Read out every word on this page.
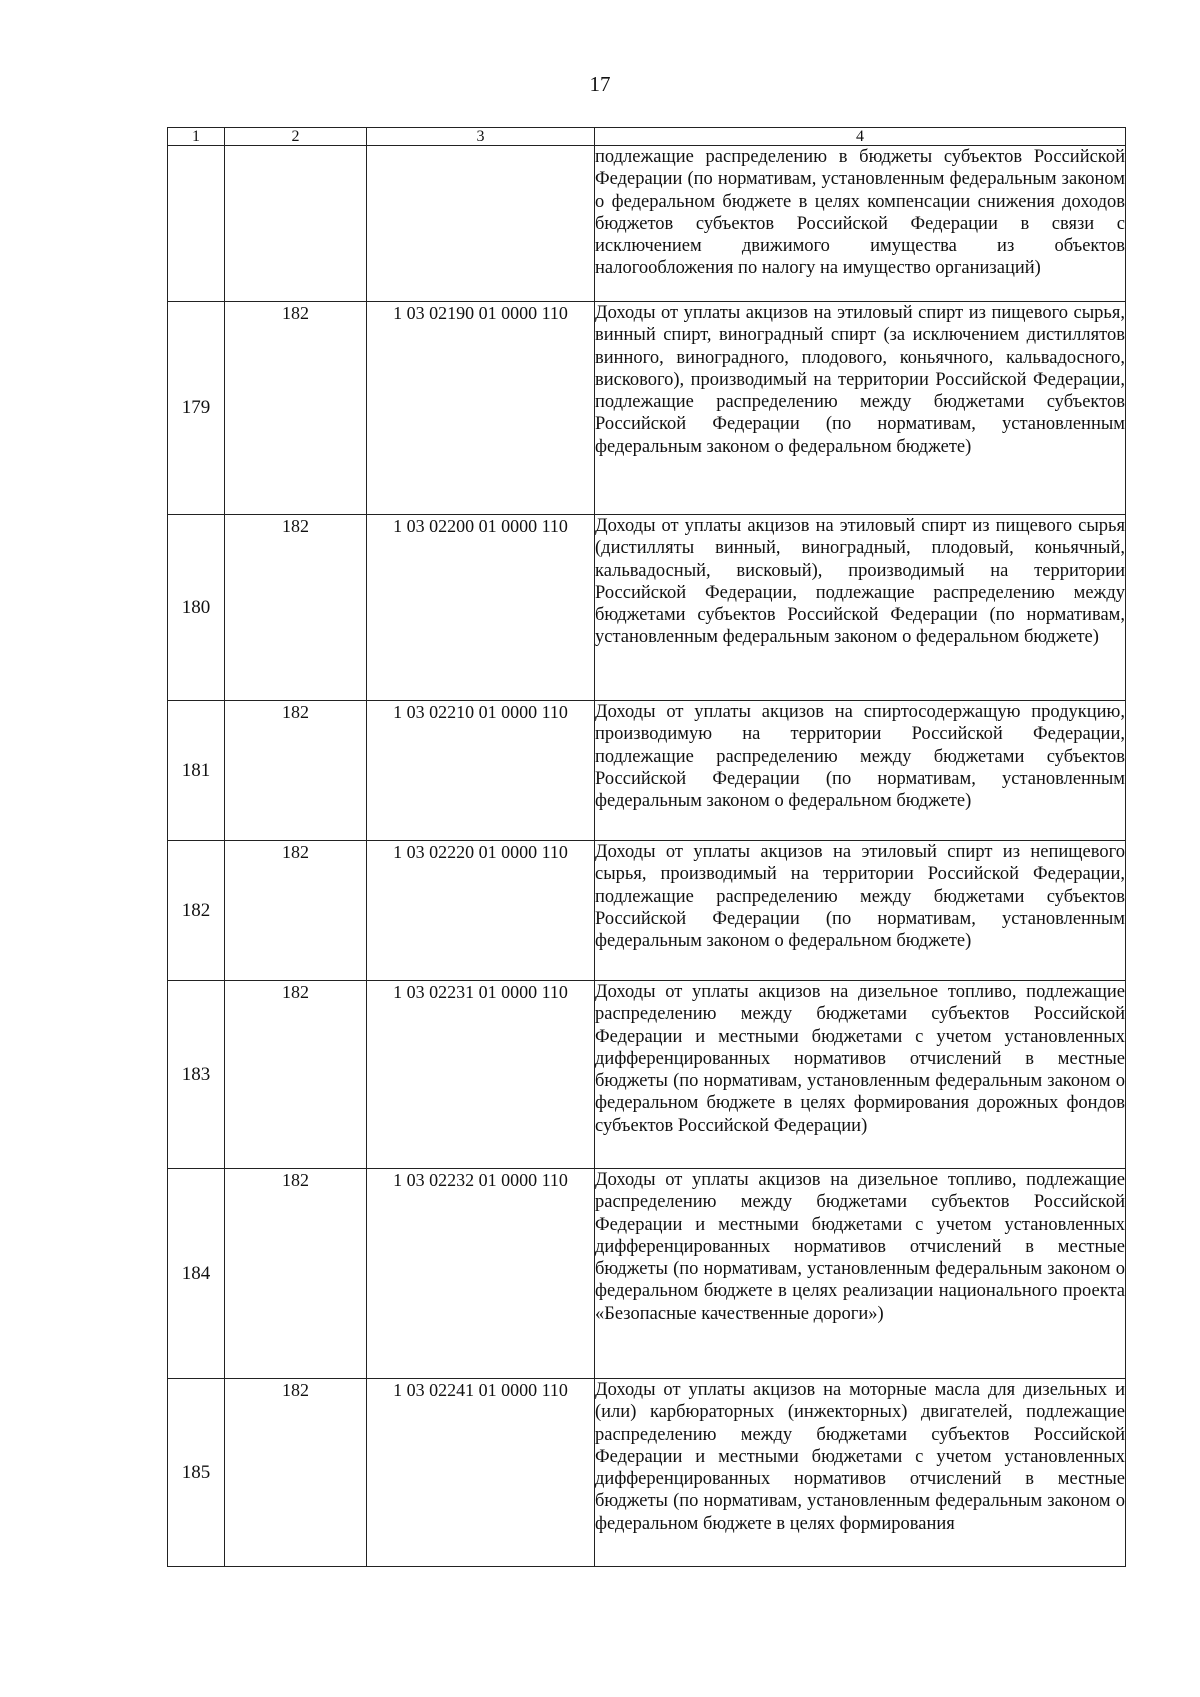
17
1	2	3	4
			подлежащие распределению в бюджеты субъектов Российской Федерации (по нормативам, установленным федеральным законом о федеральном бюджете в целях компенсации снижения доходов бюджетов субъектов Российской Федерации в связи с исключением движимого имущества из объектов налогообложения по налогу на имущество организаций)
179	182	1 03 02190 01 0000 110	Доходы от уплаты акцизов на этиловый спирт из пищевого сырья, винный спирт, виноградный спирт (за исключением дистиллятов винного, виноградного, плодового, коньячного, кальвадосного, вискового), производимый на территории Российской Федерации, подлежащие распределению между бюджетами субъектов Российской Федерации (по нормативам, установленным федеральным законом о федеральном бюджете)
180	182	1 03 02200 01 0000 110	Доходы от уплаты акцизов на этиловый спирт из пищевого сырья (дистилляты винный, виноградный, плодовый, коньячный, кальвадосный, висковый), производимый на территории Российской Федерации, подлежащие распределению между бюджетами субъектов Российской Федерации (по нормативам, установленным федеральным законом о федеральном бюджете)
181	182	1 03 02210 01 0000 110	Доходы от уплаты акцизов на спиртосодержащую продукцию, производимую на территории Российской Федерации, подлежащие распределению между бюджетами субъектов Российской Федерации (по нормативам, установленным федеральным законом о федеральном бюджете)
182	182	1 03 02220 01 0000 110	Доходы от уплаты акцизов на этиловый спирт из непищевого сырья, производимый на территории Российской Федерации, подлежащие распределению между бюджетами субъектов Российской Федерации (по нормативам, установленным федеральным законом о федеральном бюджете)
183	182	1 03 02231 01 0000 110	Доходы от уплаты акцизов на дизельное топливо, подлежащие распределению между бюджетами субъектов Российской Федерации и местными бюджетами с учетом установленных дифференцированных нормативов отчислений в местные бюджеты (по нормативам, установленным федеральным законом о федеральном бюджете в целях формирования дорожных фондов субъектов Российской Федерации)
184	182	1 03 02232 01 0000 110	Доходы от уплаты акцизов на дизельное топливо, подлежащие распределению между бюджетами субъектов Российской Федерации и местными бюджетами с учетом установленных дифференцированных нормативов отчислений в местные бюджеты (по нормативам, установленным федеральным законом о федеральном бюджете в целях реализации национального проекта «Безопасные качественные дороги»)
185	182	1 03 02241 01 0000 110	Доходы от уплаты акцизов на моторные масла для дизельных и (или) карбюраторных (инжекторных) двигателей, подлежащие распределению между бюджетами субъектов Российской Федерации и местными бюджетами с учетом установленных дифференцированных нормативов отчислений в местные бюджеты (по нормативам, установленным федеральным законом о федеральном бюджете в целях формирования
